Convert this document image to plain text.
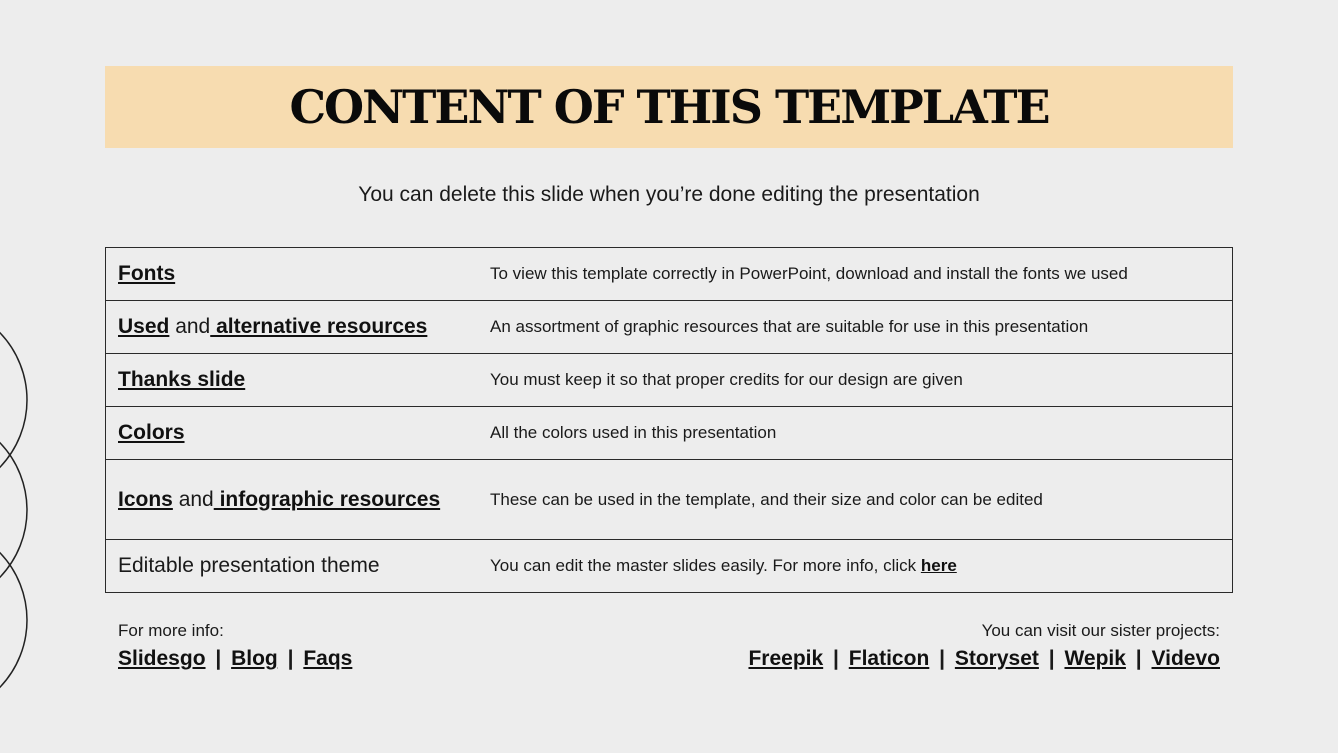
CONTENT OF THIS TEMPLATE
You can delete this slide when you’re done editing the presentation
Fonts	To view this template correctly in PowerPoint, download and install the fonts we used
Used and alternative resources	An assortment of graphic resources that are suitable for use in this presentation
Thanks slide	You must keep it so that proper credits for our design are given
Colors	All the colors used in this presentation
Icons and infographic resources	These can be used in the template, and their size and color can be edited
Editable presentation theme	You can edit the master slides easily. For more info, click here
For more info:
Slidesgo | Blog | Faqs
You can visit our sister projects:
Freepik | Flaticon | Storyset | Wepik | Videvo
